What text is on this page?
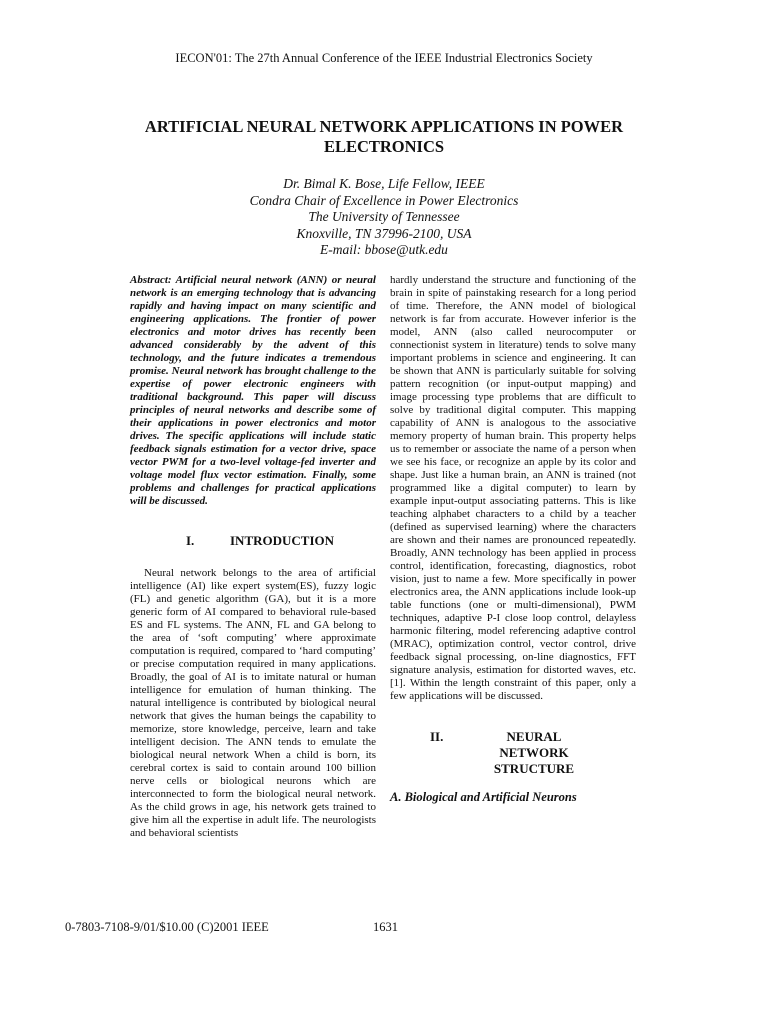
IECON'01: The 27th Annual Conference of the IEEE Industrial Electronics Society
ARTIFICIAL NEURAL NETWORK APPLICATIONS IN POWER ELECTRONICS
Dr. Bimal K. Bose, Life Fellow, IEEE
Condra Chair of Excellence in Power Electronics
The University of Tennessee
Knoxville, TN 37996-2100, USA
E-mail: bbose@utk.edu

Abstract: Artificial neural network (ANN) or neural network is an emerging technology that is advancing rapidly and having impact on many scientific and engineering applications. The frontier of power electronics and motor drives has recently been advanced considerably by the advent of this technology, and the future indicates a tremendous promise. Neural network has brought challenge to the expertise of power electronic engineers with traditional background. This paper will discuss principles of neural networks and describe some of their applications in power electronics and motor drives. The specific applications will include static feedback signals estimation for a vector drive, space vector PWM for a two-level voltage-fed inverter and voltage model flux vector estimation. Finally, some problems and challenges for practical applications will be discussed.

I.	INTRODUCTION

Neural network belongs to the area of artificial intelligence (AI) like expert system(ES), fuzzy logic (FL) and genetic algorithm (GA), but it is a more generic form of AI compared to behavioral rule-based ES and FL systems. The ANN, FL and GA belong to the area of ‘soft computing’ where approximate computation is required, compared to ‘hard computing’ or precise computation required in many applications. Broadly, the goal of AI is to imitate natural or human intelligence for emulation of human thinking. The natural intelligence is contributed by biological neural network that gives the human beings the capability to memorize, store knowledge, perceive, learn and take intelligent decision. The ANN tends to emulate the biological neural network When a child is born, its cerebral cortex is said to contain around 100 billion nerve cells or biological neurons which are interconnected to form the biological neural network. As the child grows in age, his network gets trained to give him all the expertise in adult life. The neurologists and behavioral scientists

hardly understand the structure and functioning of the brain in spite of painstaking research for a long period of time. Therefore, the ANN model of biological network is far from accurate. However inferior is the model, ANN (also called neurocomputer or connectionist system in literature) tends to solve many important problems in science and engineering. It can be shown that ANN is particularly suitable for solving pattern recognition (or input-output mapping) and image processing type problems that are difficult to solve by traditional digital computer. This mapping capability of ANN is analogous to the associative memory property of human brain. This property helps us to remember or associate the name of a person when we see his face, or recognize an apple by its color and shape. Just like a human brain, an ANN is trained (not programmed like a digital computer) to learn by example input-output associating patterns. This is like teaching alphabet characters to a child by a teacher (defined as supervised learning) where the characters are shown and their names are pronounced repeatedly. Broadly, ANN technology has been applied in process control, identification, forecasting, diagnostics, robot vision, just to name a few. More specifically in power electronics area, the ANN applications include look-up table functions (one or multi-dimensional), PWM techniques, adaptive P-I close loop control, delayless harmonic filtering, model referencing adaptive control (MRAC), optimization control, vector control, drive feedback signal processing, on-line diagnostics, FFT signature analysis, estimation for distorted waves, etc. [1]. Within the length constraint of this paper, only a few applications will be discussed.

II.	NEURAL NETWORK
STRUCTURE
A. Biological and Artificial Neurons
0-7803-7108-9/01/$10.00 (C)2001 IEEE	1631
